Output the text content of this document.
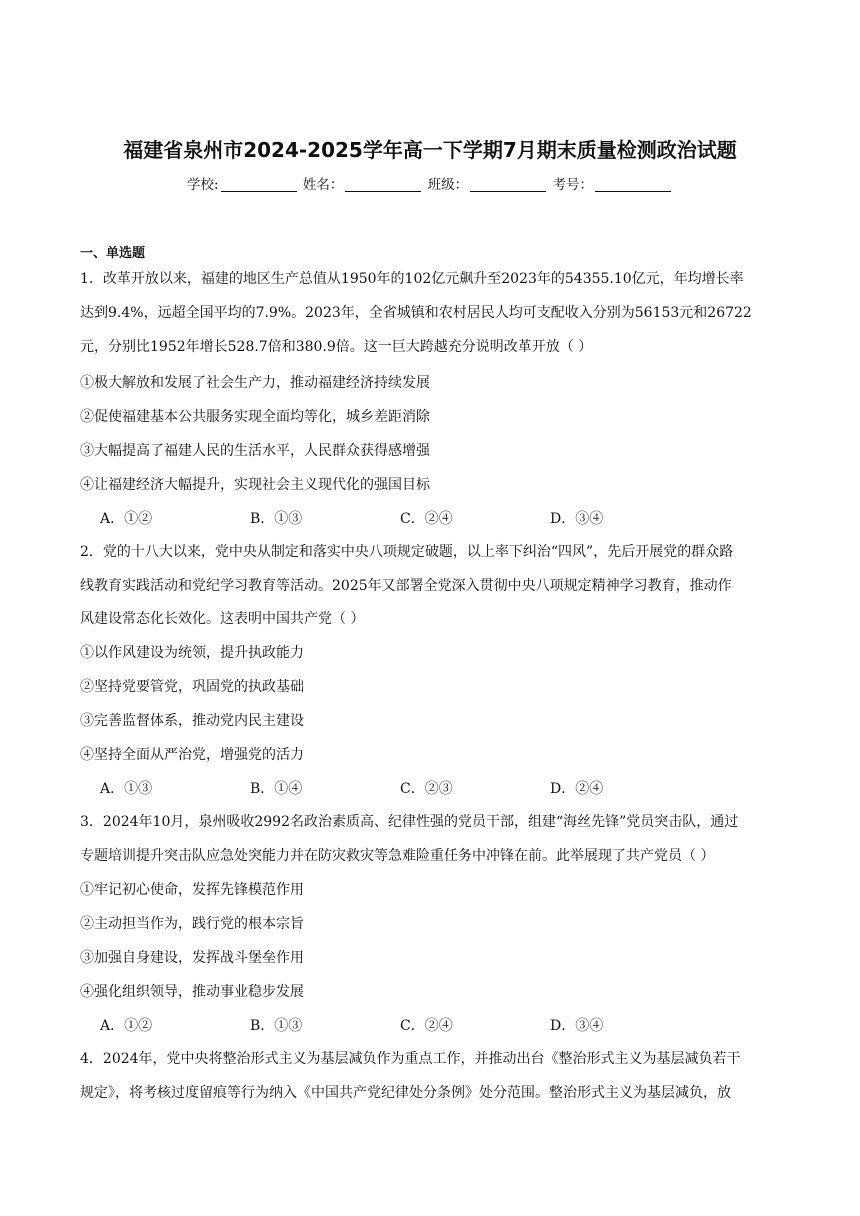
福建省泉州市2024-2025学年高一下学期7月期末质量检测政治试题
学校:	姓名：	班级：	考号：
一、单选题
1．改革开放以来，福建的地区生产总值从1950年的102亿元飙升至2023年的54355.10亿元，年均增长率
达到9.4%，远超全国平均的7.9%。2023年，全省城镇和农村居民人均可支配收入分别为56153元和26722
元，分别比1952年增长528.7倍和380.9倍。这一巨大跨越充分说明改革开放（ ）
①极大解放和发展了社会生产力，推动福建经济持续发展
②促使福建基本公共服务实现全面均等化，城乡差距消除
③大幅提高了福建人民的生活水平，人民群众获得感增强
④让福建经济大幅提升，实现社会主义现代化的强国目标
A．①②	B．①③	C．②④	D．③④
2．党的十八大以来，党中央从制定和落实中央八项规定破题，以上率下纠治“四风”，先后开展党的群众路
线教育实践活动和党纪学习教育等活动。2025年又部署全党深入贯彻中央八项规定精神学习教育，推动作
风建设常态化长效化。这表明中国共产党（ ）
①以作风建设为统领，提升执政能力
②坚持党要管党，巩固党的执政基础
③完善监督体系，推动党内民主建设
④坚持全面从严治党，增强党的活力
A．①③	B．①④	C．②③	D．②④
3．2024年10月，泉州吸收2992名政治素质高、纪律性强的党员干部，组建“海丝先锋”党员突击队，通过
专题培训提升突击队应急处突能力并在防灾救灾等急难险重任务中冲锋在前。此举展现了共产党员（ ）
①牢记初心使命，发挥先锋模范作用
②主动担当作为，践行党的根本宗旨
③加强自身建设，发挥战斗堡垒作用
④强化组织领导，推动事业稳步发展
A．①②	B．①③	C．②④	D．③④
4．2024年，党中央将整治形式主义为基层减负作为重点工作，并推动出台《整治形式主义为基层减负若干
规定》，将考核过度留痕等行为纳入《中国共产党纪律处分条例》处分范围。整治形式主义为基层减负，放
